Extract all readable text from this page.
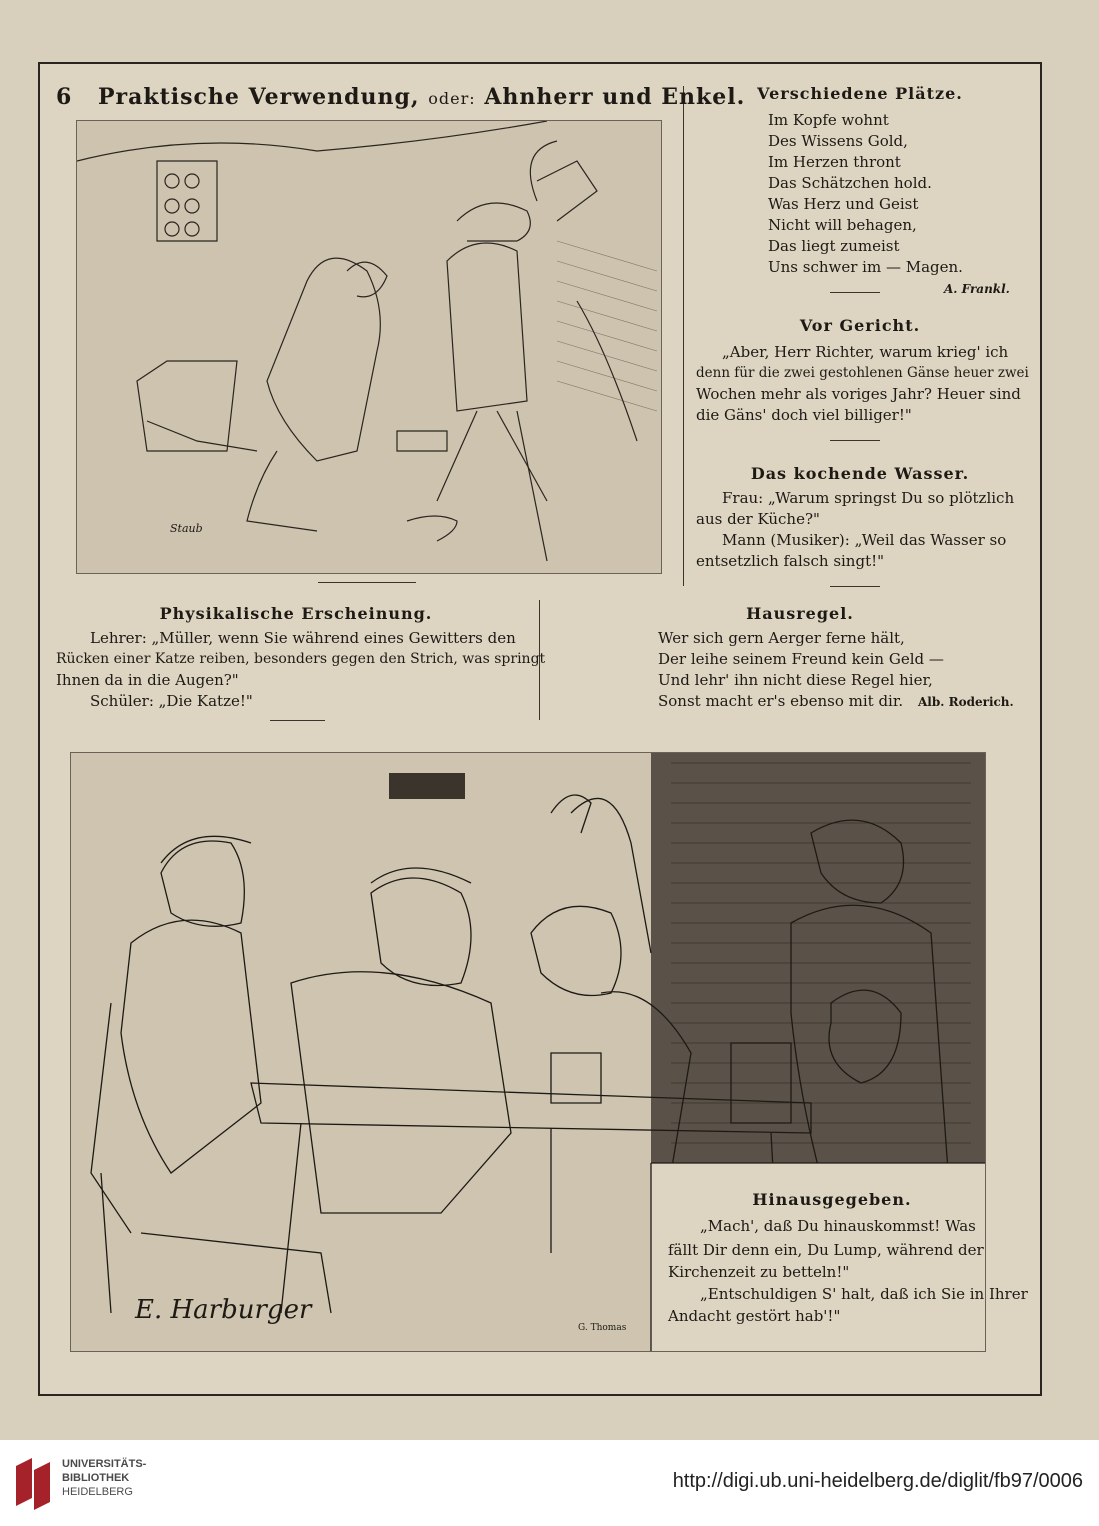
6 Praktische Verwendung, oder: Ahnherr und Enkel.
Staub
Verschiedene Plätze.
Im Kopfe wohnt
Des Wissens Gold,
Im Herzen thront
Das Schätzchen hold.
Was Herz und Geist
Nicht will behagen,
Das liegt zumeist
Uns schwer im — Magen.
A. Frankl.
Vor Gericht.
„Aber, Herr Richter, warum krieg' ich
denn für die zwei gestohlenen Gänse heuer zwei
Wochen mehr als voriges Jahr? Heuer sind
die Gäns' doch viel billiger!"
Das kochende Wasser.
Frau: „Warum springst Du so plötzlich
aus der Küche?"
Mann (Musiker): „Weil das Wasser so
entsetzlich falsch singt!"
Physikalische Erscheinung.
Lehrer: „Müller, wenn Sie während eines Gewitters den
Rücken einer Katze reiben, besonders gegen den Strich, was springt
Ihnen da in die Augen?"
Schüler: „Die Katze!"
Hausregel.
Wer sich gern Aerger ferne hält,
Der leihe seinem Freund kein Geld —
Und lehr' ihn nicht diese Regel hier,
Sonst macht er's ebenso mit dir. Alb. Roderich.
E. Harburger
G. Thomas
Hinausgegeben.
„Mach', daß Du hinauskommst! Was
fällt Dir denn ein, Du Lump, während der
Kirchenzeit zu betteln!"
„Entschuldigen S' halt, daß ich Sie in Ihrer
Andacht gestört hab'!"
UNIVERSITÄTS-
BIBLIOTHEK
HEIDELBERG	http://digi.ub.uni-heidelberg.de/diglit/fb97/0006
